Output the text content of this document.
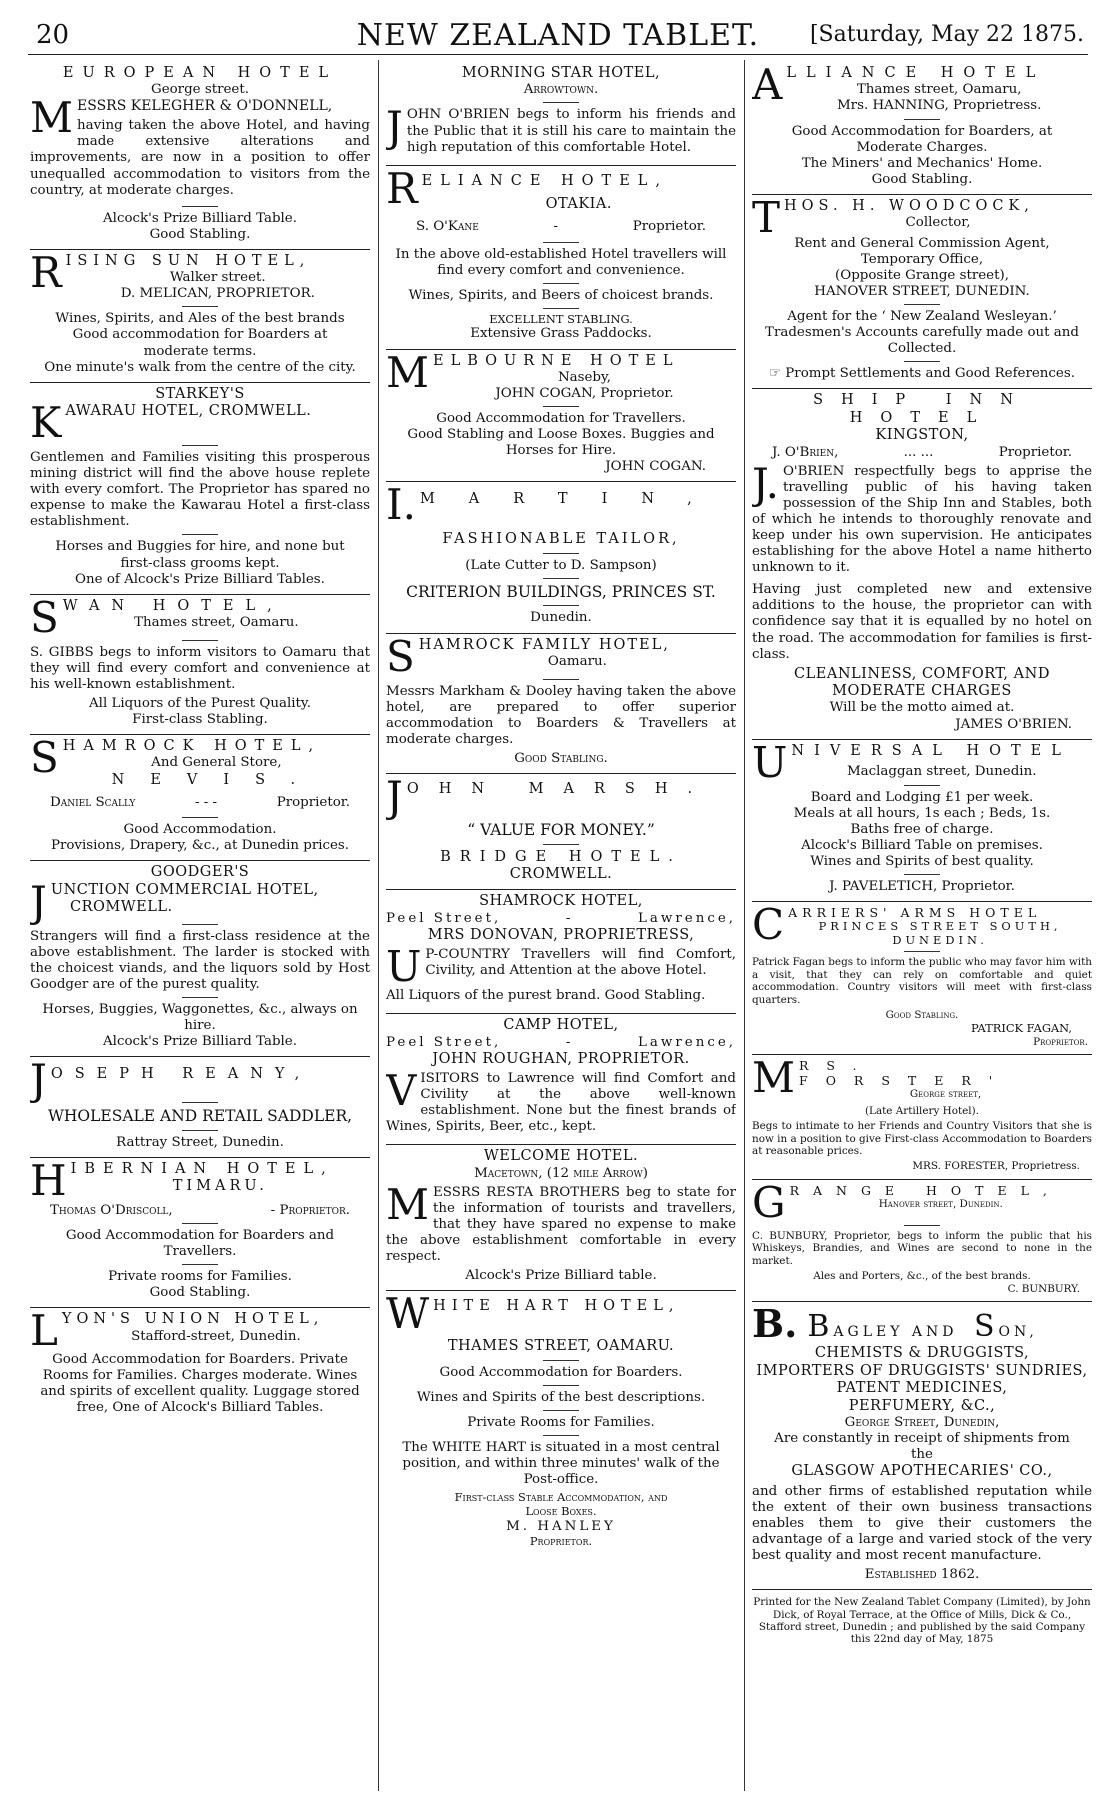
20	NEW ZEALAND TABLET.	[Saturday, May 22 1875.
EUROPEAN HOTEL
George street.
M ESSRS KELEGHER & O'DONNELL,

having taken the above Hotel, and having made extensive alterations and improvements, are now in a position to offer unequalled accommodation to visitors from the country, at moderate charges.

Alcock's Prize Billiard Table.
Good Stabling.
R ISING SUN HOTEL,
Walker street.
D. MELICAN, PROPRIETOR.
Wines, Spirits, and Ales of the best brands
Good accommodation for Boarders at
moderate terms.
One minute's walk from the centre of the city.
STARKEY'S
K AWARAU HOTEL, CROMWELL.

Gentlemen and Families visiting this prosperous mining district will find the above house replete with every comfort. The Proprietor has spared no expense to make the Kawarau Hotel a first-class establishment.

Horses and Buggies for hire, and none but
first-class grooms kept.
One of Alcock's Prize Billiard Tables.
S WAN HOTEL,
Thames street, Oamaru.

S. GIBBS begs to inform visitors to Oamaru that they will find every comfort and convenience at his well-known establishment.

All Liquors of the Purest Quality.
First-class Stabling.
S HAMROCK HOTEL,
And General Store,
NEVIS.
Daniel Scally	- - -	Proprietor.
Good Accommodation.
Provisions, Drapery, &c., at Dunedin prices.
GOODGER'S
J UNCTION COMMERCIAL HOTEL,
CROMWELL.

Strangers will find a first-class residence at the above establishment. The larder is stocked with the choicest viands, and the liquors sold by Host Goodger are of the purest quality.

Horses, Buggies, Waggonettes, &c., always on
hire.
Alcock's Prize Billiard Table.
J OSEPH REANY,
WHOLESALE AND RETAIL SADDLER,
Rattray Street, Dunedin.
H IBERNIAN HOTEL,
TIMARU.
Thomas O'Driscoll,	- Proprietor.
Good Accommodation for Boarders and
Travellers.
Private rooms for Families.
Good Stabling.
L YON'S UNION HOTEL,
Stafford-street, Dunedin.

Good Accommodation for Boarders. Private Rooms for Families. Charges moderate. Wines and spirits of excellent quality. Luggage stored free, One of Alcock's Billiard Tables.

MORNING STAR HOTEL,
Arrowtown.
J OHN O'BRIEN begs to inform his friends and the Public that it is still his care to maintain the high reputation of this comfortable Hotel.

R ELIANCE HOTEL,
OTAKIA.
S. O'Kane	-	Proprietor.

In the above old-established Hotel travellers will find every comfort and convenience.

Wines, Spirits, and Beers of choicest brands.
EXCELLENT STABLING.
Extensive Grass Paddocks.
M ELBOURNE HOTEL
Naseby,
JOHN COGAN, Proprietor.
Good Accommodation for Travellers.
Good Stabling and Loose Boxes. Buggies and
Horses for Hire.
JOHN COGAN.
I. MARTIN,
FASHIONABLE TAILOR,
(Late Cutter to D. Sampson)
CRITERION BUILDINGS, PRINCES ST.
Dunedin.
S HAMROCK FAMILY HOTEL,
Oamaru.

Messrs Markham & Dooley having taken the above hotel, are prepared to offer superior accommodation to Boarders & Travellers at moderate charges.

Good Stabling.
J OHN MARSH.
“ VALUE FOR MONEY.”
BRIDGE HOTEL.
CROMWELL.
SHAMROCK HOTEL,
Peel Street,	-	Lawrence,
MRS DONOVAN, PROPRIETRESS,
U P-COUNTRY Travellers will find Comfort, Civility, and Attention at the above Hotel.

All Liquors of the purest brand. Good Stabling.

CAMP HOTEL,
Peel Street,	-	Lawrence,
JOHN ROUGHAN, PROPRIETOR.
V ISITORS to Lawrence will find Comfort and Civility at the above well-known establishment. None but the finest brands of Wines, Spirits, Beer, etc., kept.

WELCOME HOTEL.
Macetown, (12 mile Arrow)
M ESSRS RESTA BROTHERS beg to state for the information of tourists and travellers, that they have spared no expense to make the above establishment comfortable in every respect.

Alcock's Prize Billiard table.
W HITE HART HOTEL,
THAMES STREET, OAMARU.
Good Accommodation for Boarders.
Wines and Spirits of the best descriptions.
Private Rooms for Families.

The WHITE HART is situated in a most central position, and within three minutes' walk of the Post-office.

First-class Stable Accommodation, and
Loose Boxes.
M. HANLEY
Proprietor.
A LLIANCE HOTEL
Thames street, Oamaru,
Mrs. HANNING, Proprietress.
Good Accommodation for Boarders, at
Moderate Charges.
The Miners' and Mechanics' Home.
Good Stabling.
T HOS. H. WOODCOCK,
Collector,
Rent and General Commission Agent,
Temporary Office,
(Opposite Grange street),
HANOVER STREET, DUNEDIN.
Agent for the ‘ New Zealand Wesleyan.’
Tradesmen's Accounts carefully made out and
Collected.
☞ Prompt Settlements and Good References.
SHIP INN HOTEL
KINGSTON,
J. O'Brien,	... ...	Proprietor.
J. O'BRIEN respectfully begs to apprise the travelling public of his having taken possession of the Ship Inn and Stables, both of which he intends to thoroughly renovate and keep under his own supervision. He anticipates establishing for the above Hotel a name hitherto unknown to it.

Having just completed new and extensive additions to the house, the proprietor can with confidence say that it is equalled by no hotel on the road. The accommodation for families is first-class.

CLEANLINESS, COMFORT, AND
MODERATE CHARGES
Will be the motto aimed at.
JAMES O'BRIEN.
U NIVERSAL HOTEL
Maclaggan street, Dunedin.
Board and Lodging £1 per week.
Meals at all hours, 1s each ; Beds, 1s.
Baths free of charge.
Alcock's Billiard Table on premises.
Wines and Spirits of best quality.
J. PAVELETICH, Proprietor.
C ARRIERS' ARMS HOTEL
PRINCES STREET SOUTH,
DUNEDIN.

Patrick Fagan begs to inform the public who may favor him with a visit, that they can rely on comfortable and quiet accommodation. Country visitors will meet with first-class quarters.

Good Stabling.
PATRICK FAGAN,
Proprietor.
M RS. FORSTER'
George street,
(Late Artillery Hotel).

Begs to intimate to her Friends and Country Visitors that she is now in a position to give First-class Accommodation to Boarders at reasonable prices.

MRS. FORESTER, Proprietress.
G RANGE HOTEL,
Hanover street, Dunedin.

C. BUNBURY, Proprietor, begs to inform the public that his Whiskeys, Brandies, and Wines are second to none in the market.

Ales and Porters, &c., of the best brands.
C. BUNBURY.
B. BAGLEY AND SON,
CHEMISTS & DRUGGISTS,
IMPORTERS OF DRUGGISTS' SUNDRIES, PATENT MEDICINES,
PERFUMERY, &C.,
George Street, Dunedin,
Are constantly in receipt of shipments from
the
GLASGOW APOTHECARIES' CO.,

and other firms of established reputation while the extent of their own business transactions enables them to give their customers the advantage of a large and varied stock of the very best quality and most recent manufacture.

Established 1862.

Printed for the New Zealand Tablet Company (Limited), by John Dick, of Royal Terrace, at the Office of Mills, Dick & Co., Stafford street, Dunedin ; and published by the said Company this 22nd day of May, 1875
